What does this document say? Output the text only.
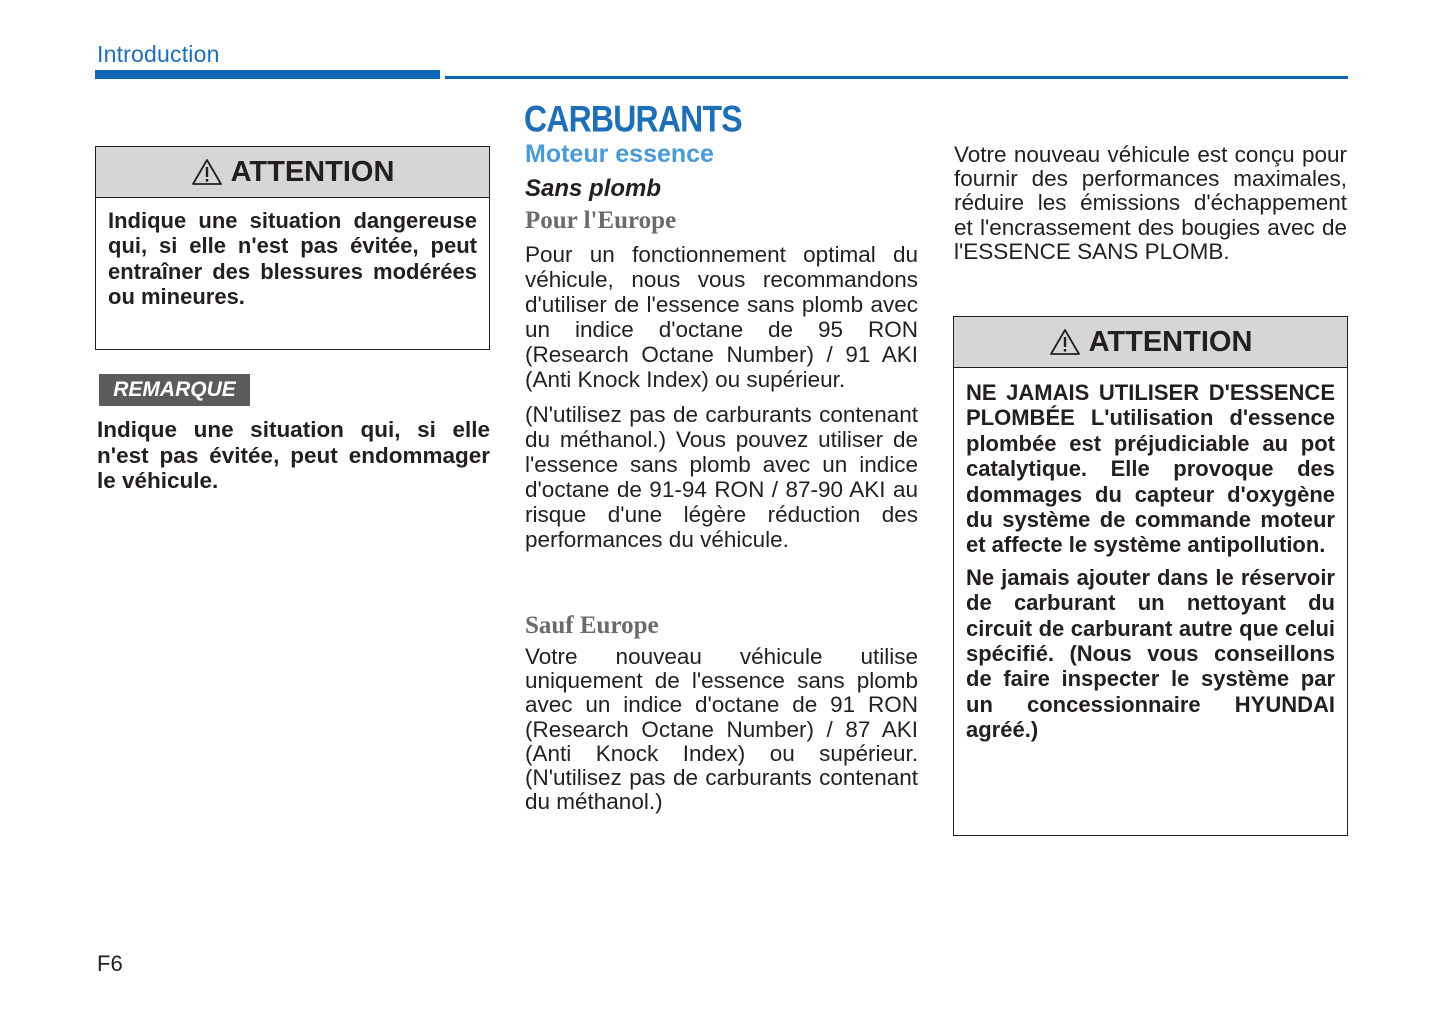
Introduction
ATTENTION

Indique une situation dangereuse qui, si elle n'est pas évitée, peut entraîner des blessures modérées ou mineures.

REMARQUE
Indique une situation qui, si elle n'est pas évitée, peut endommager le véhicule.
CARBURANTS
Moteur essence
Sans plomb
Pour l'Europe

Pour un fonctionnement optimal du véhicule, nous vous recommandons d'utiliser de l'essence sans plomb avec un indice d'octane de 95 RON (Research Octane Number) / 91 AKI (Anti Knock Index) ou supérieur.

(N'utilisez pas de carburants contenant du méthanol.) Vous pouvez utiliser de l'essence sans plomb avec un indice d'octane de 91-94 RON / 87-90 AKI au risque d'une légère réduction des performances du véhicule.

Sauf Europe

Votre nouveau véhicule utilise uniquement de l'essence sans plomb avec un indice d'octane de 91 RON (Research Octane Number) / 87 AKI (Anti Knock Index) ou supérieur. (N'utilisez pas de carburants contenant du méthanol.)

Votre nouveau véhicule est conçu pour fournir des performances maximales, réduire les émissions d'échappement et l'encrassement des bougies avec de l'ESSENCE SANS PLOMB.

ATTENTION

NE JAMAIS UTILISER D'ESSENCE PLOMBÉE L'utilisation d'essence plombée est préjudiciable au pot catalytique. Elle provoque des dommages du capteur d'oxygène du système de commande moteur et affecte le système antipollution.

Ne jamais ajouter dans le réservoir de carburant un nettoyant du circuit de carburant autre que celui spécifié. (Nous vous conseillons de faire inspecter le système par un concessionnaire HYUNDAI agréé.)

F6
